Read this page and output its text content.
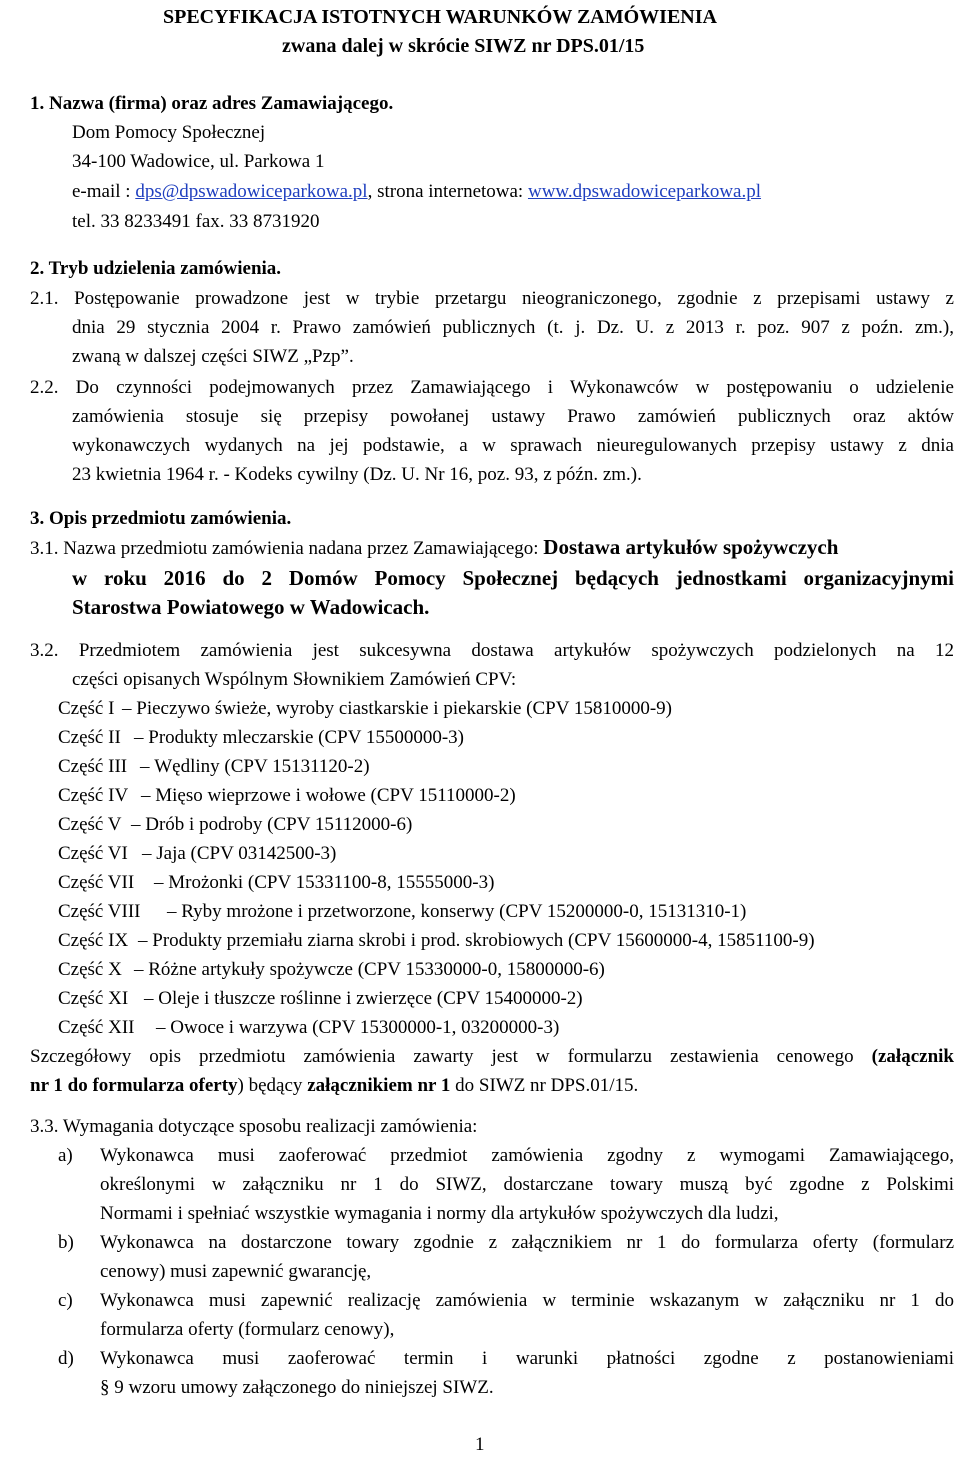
SPECYFIKACJA ISTOTNYCH WARUNKÓW ZAMÓWIENIA
zwana dalej w skrócie SIWZ nr DPS.01/15
1. Nazwa (firma) oraz adres Zamawiającego.
Dom Pomocy Społecznej
34-100 Wadowice, ul. Parkowa 1
e-mail : dps@dpswadowiceparkowa.pl, strona internetowa: www.dpswadowiceparkowa.pl
tel. 33 8233491 fax. 33 8731920
2. Tryb udzielenia zamówienia.
2.1. Postępowanie prowadzone jest w trybie przetargu nieograniczonego, zgodnie z przepisami ustawy z
dnia 29 stycznia 2004 r. Prawo zamówień publicznych (t. j. Dz. U. z 2013 r. poz. 907 z poźn. zm.),
zwaną w dalszej części SIWZ „Pzp”.
2.2. Do czynności podejmowanych przez Zamawiającego i Wykonawców w postępowaniu o udzielenie
zamówienia stosuje się przepisy powołanej ustawy Prawo zamówień publicznych oraz aktów
wykonawczych wydanych na jej podstawie, a w sprawach nieuregulowanych przepisy ustawy z dnia
23 kwietnia 1964 r. - Kodeks cywilny (Dz. U. Nr 16, poz. 93, z późn. zm.).
3. Opis przedmiotu zamówienia.
3.1. Nazwa przedmiotu zamówienia nadana przez Zamawiającego: Dostawa artykułów spożywczych
w roku 2016 do 2 Domów Pomocy Społecznej będących jednostkami organizacyjnymi
Starostwa Powiatowego w Wadowicach.
3.2. Przedmiotem zamówienia jest sukcesywna dostawa artykułów spożywczych podzielonych na 12
części opisanych Wspólnym Słownikiem Zamówień CPV:
Część I – Pieczywo świeże, wyroby ciastkarskie i piekarskie (CPV 15810000-9)
Część II – Produkty mleczarskie (CPV 15500000-3)
Część III – Wędliny (CPV 15131120-2)
Część IV – Mięso wieprzowe i wołowe (CPV 15110000-2)
Część V – Drób i podroby (CPV 15112000-6)
Część VI – Jaja (CPV 03142500-3)
Część VII – Mrożonki (CPV 15331100-8, 15555000-3)
Część VIII – Ryby mrożone i przetworzone, konserwy (CPV 15200000-0, 15131310-1)
Część IX – Produkty przemiału ziarna skrobi i prod. skrobiowych (CPV 15600000-4, 15851100-9)
Część X – Różne artykuły spożywcze (CPV 15330000-0, 15800000-6)
Część XI – Oleje i tłuszcze roślinne i zwierzęce (CPV 15400000-2)
Część XII – Owoce i warzywa (CPV 15300000-1, 03200000-3)
Szczegółowy opis przedmiotu zamówienia zawarty jest w formularzu zestawienia cenowego (załącznik
nr 1 do formularza oferty) będący załącznikiem nr 1 do SIWZ nr DPS.01/15.
3.3. Wymagania dotyczące sposobu realizacji zamówienia:
a) Wykonawca musi zaoferować przedmiot zamówienia zgodny z wymogami Zamawiającego,
określonymi w załączniku nr 1 do SIWZ, dostarczane towary muszą być zgodne z Polskimi
Normami i spełniać wszystkie wymagania i normy dla artykułów spożywczych dla ludzi,
b) Wykonawca na dostarczone towary zgodnie z załącznikiem nr 1 do formularza oferty (formularz
cenowy) musi zapewnić gwarancję,
c) Wykonawca musi zapewnić realizację zamówienia w terminie wskazanym w załączniku nr 1 do
formularza oferty (formularz cenowy),
d) Wykonawca musi zaoferować termin i warunki płatności zgodne z postanowieniami
§ 9 wzoru umowy załączonego do niniejszej SIWZ.
1
